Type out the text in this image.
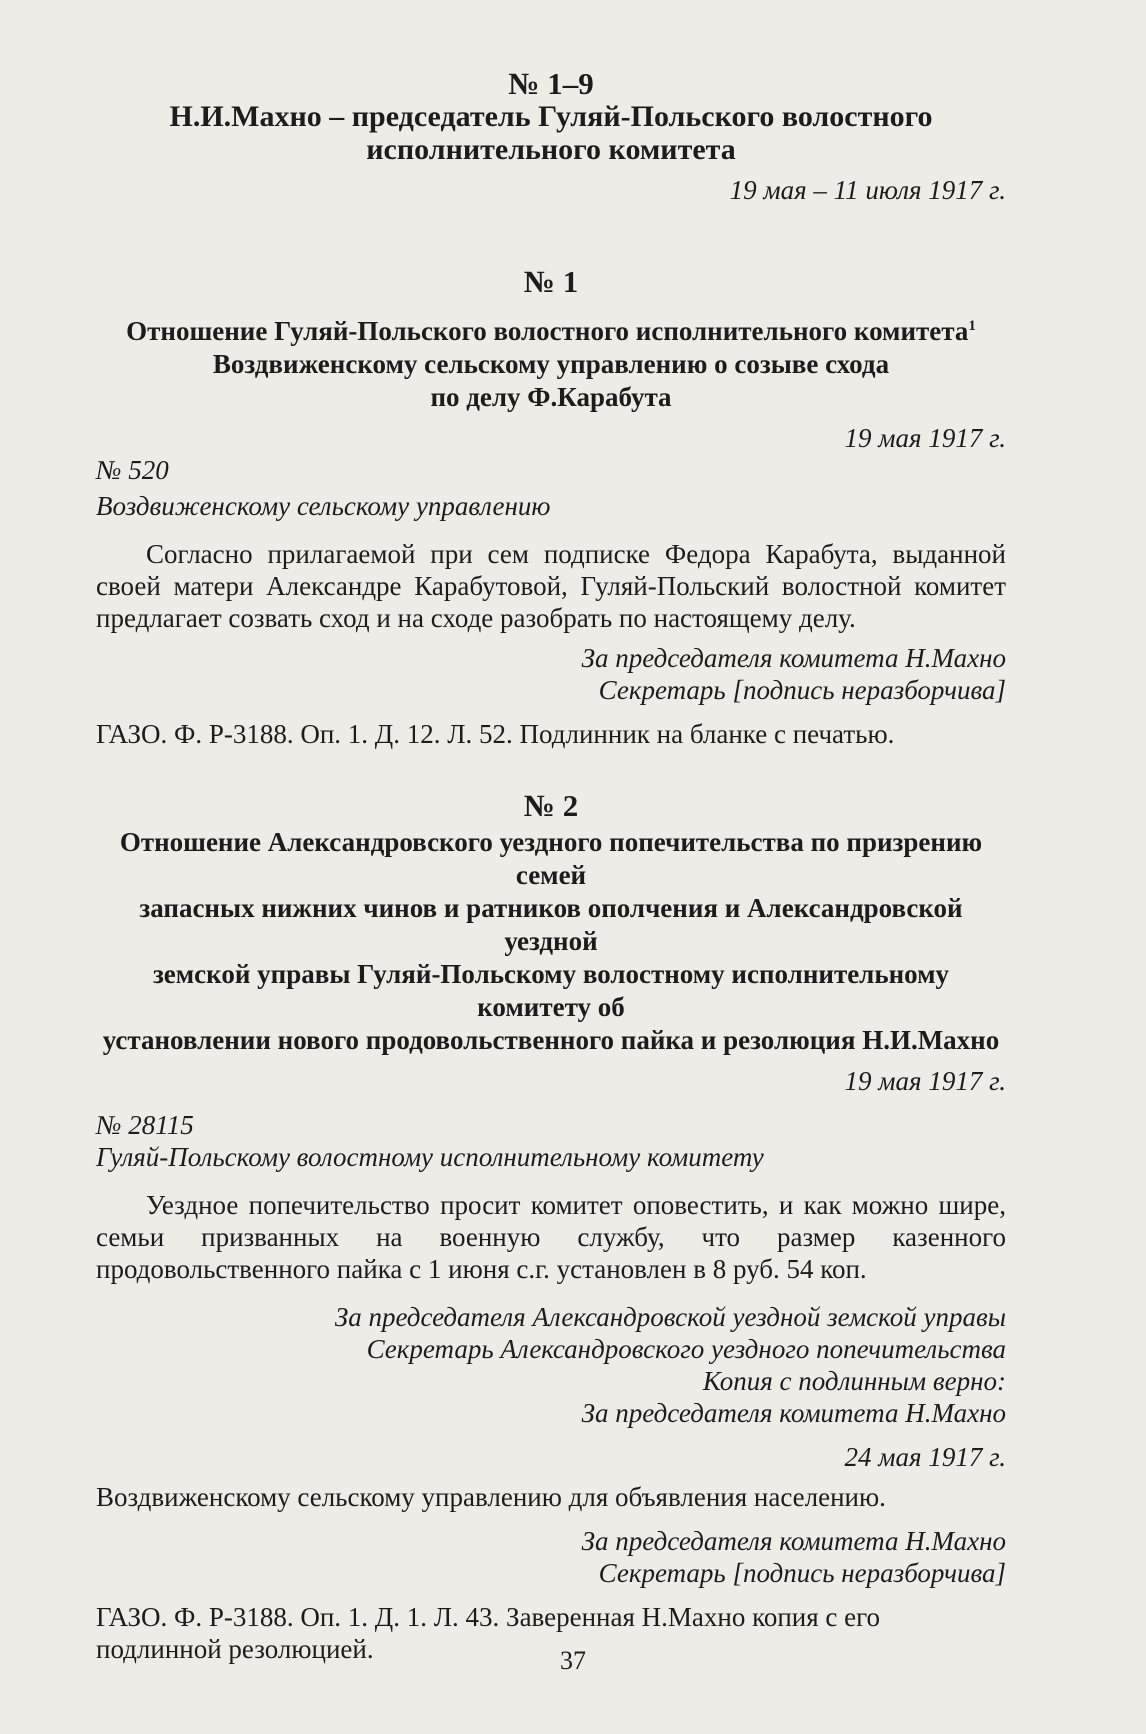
№ 1–9
Н.И.Махно – председатель Гуляй-Польского волостного
исполнительного комитета
19 мая – 11 июля 1917 г.
№ 1
Отношение Гуляй-Польского волостного исполнительного комитета$^1$
Воздвиженскому сельскому управлению о созыве схода
по делу Ф.Карабута
19 мая 1917 г.
№ 520
Воздвиженскому сельскому управлению
Согласно прилагаемой при сем подписке Федора Карабута, выданной своей матери Александре Карабутовой, Гуляй-Польский волостной комитет предлагает созвать сход и на сходе разобрать по настоящему делу.
За председателя комитета Н.Махно
Секретарь [подпись неразборчива]
ГАЗО. Ф. Р-3188. Оп. 1. Д. 12. Л. 52. Подлинник на бланке с печатью.
№ 2
Отношение Александровского уездного попечительства по призрению семей
запасных нижних чинов и ратников ополчения и Александровской уездной
земской управы Гуляй-Польскому волостному исполнительному комитету об
установлении нового продовольственного пайка и резолюция Н.И.Махно
19 мая 1917 г.
№ 28115
Гуляй-Польскому волостному исполнительному комитету
Уездное попечительство просит комитет оповестить, и как можно шире, семьи призванных на военную службу, что размер казенного продовольственного пайка с 1 июня с.г. установлен в 8 руб. 54 коп.
За председателя Александровской уездной земской управы
Секретарь Александровского уездного попечительства
Копия с подлинным верно:
За председателя комитета Н.Махно
24 мая 1917 г.
Воздвиженскому сельскому управлению для объявления населению.
За председателя комитета Н.Махно
Секретарь [подпись неразборчива]
ГАЗО. Ф. Р-3188. Оп. 1. Д. 1. Л. 43. Заверенная Н.Махно копия с его подлинной резолюцией.	37
